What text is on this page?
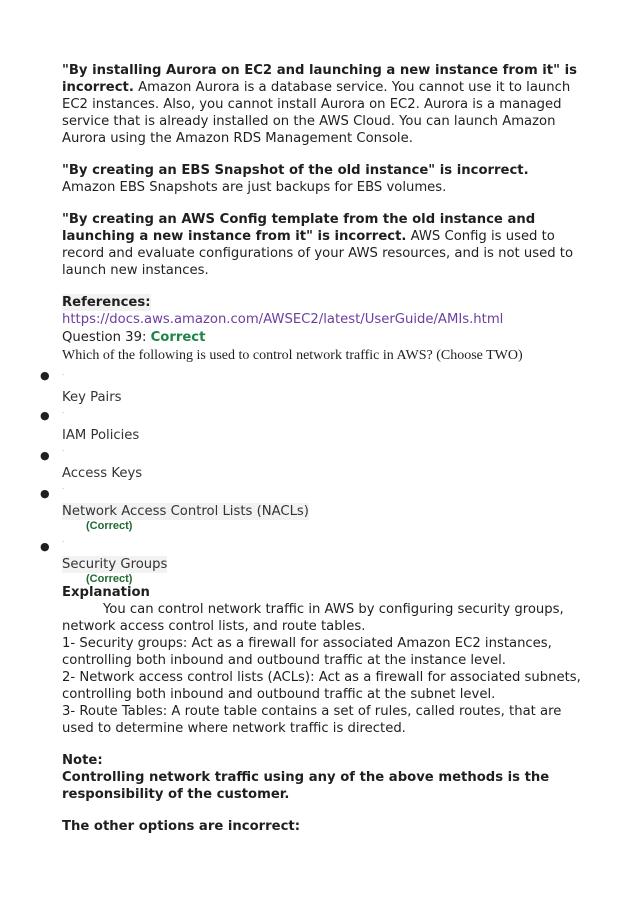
"By installing Aurora on EC2 and launching a new instance from it" is incorrect. Amazon Aurora is a database service. You cannot use it to launch EC2 instances. Also, you cannot install Aurora on EC2. Aurora is a managed service that is already installed on the AWS Cloud. You can launch Amazon Aurora using the Amazon RDS Management Console.

"By creating an EBS Snapshot of the old instance" is incorrect. Amazon EBS Snapshots are just backups for EBS volumes.

"By creating an AWS Config template from the old instance and launching a new instance from it" is incorrect. AWS Config is used to record and evaluate configurations of your AWS resources, and is not used to launch new instances.

References:
https://docs.aws.amazon.com/AWSEC2/latest/UserGuide/AMIs.html
Question 39: Correct
Which of the following is used to control network traffic in AWS? (Choose TWO)
● .
Key Pairs
● .
IAM Policies
● .
Access Keys
● .
Network Access Control Lists (NACLs)
(Correct)
● .
Security Groups
(Correct)
Explanation
You can control network traffic in AWS by configuring security groups, network access control lists, and route tables.
1- Security groups: Act as a firewall for associated Amazon EC2 instances, controlling both inbound and outbound traffic at the instance level.
2- Network access control lists (ACLs): Act as a firewall for associated subnets, controlling both inbound and outbound traffic at the subnet level.
3- Route Tables: A route table contains a set of rules, called routes, that are used to determine where network traffic is directed.
Note:
Controlling network traffic using any of the above methods is the responsibility of the customer.
The other options are incorrect:
